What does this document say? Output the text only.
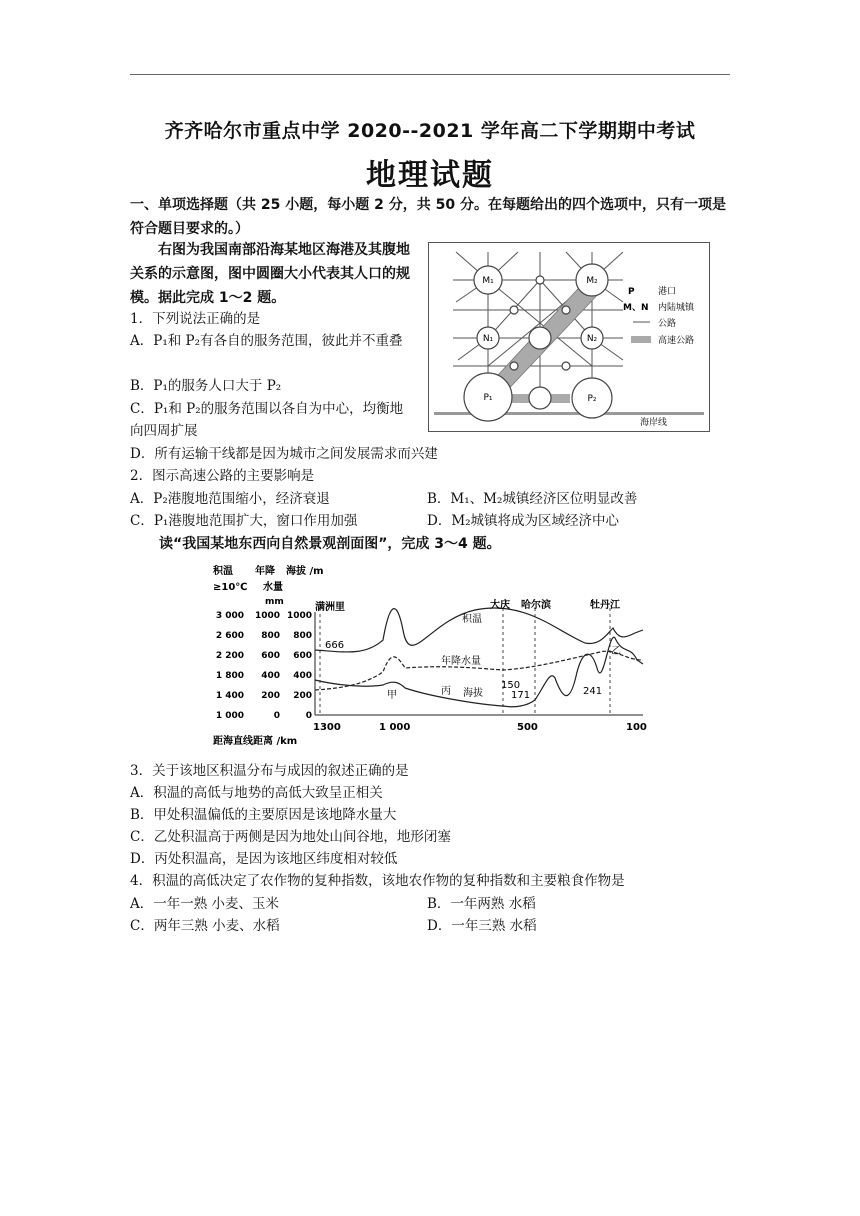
齐齐哈尔市重点中学 2020--2021 学年高二下学期期中考试
地理试题
一、单项选择题（共 25 小题，每小题 2 分，共 50 分。在每题给出的四个选项中，只有一项是符合题目要求的。）
右图为我国南部沿海某地区海港及其腹地关系的示意图，图中圆圈大小代表其人口的规模。据此完成 1～2 题。
1．下列说法正确的是
A．P₁和 P₂有各自的服务范围，彼此并不重叠
B．P₁的服务人口大于 P₂
C．P₁和 P₂的服务范围以各自为中心，均衡地向四周扩展
D．所有运输干线都是因为城市之间发展需求而兴建
2．图示高速公路的主要影响是
A．P₂港腹地范围缩小，经济衰退	B．M₁、M₂城镇经济区位明显改善
C．P₁港腹地范围扩大，窗口作用加强	D．M₂城镇将成为区域经济中心
读“我国某地东西向自然景观剖面图”，完成 3～4 题。
海岸线
M₁	M₂
N₁	N₂
P₁	P₂
P	港口
M、N 内陆城镇
公路
高速公路
积温
≥10℃
年降
水量
mm
海拔 /m
3 000
2 600
2 200
1 800
1 400
1 000
1000
800
600
400
200
0
1000
800
600
400
200
0
满洲里	大庆 哈尔滨	牡丹江
666
积温
年降水量
海拔
丙
甲
乙
150
171	241
1300	1 000	500	100
距海直线距离 /km
3．关于该地区积温分布与成因的叙述正确的是
A．积温的高低与地势的高低大致呈正相关
B．甲处积温偏低的主要原因是该地降水量大
C．乙处积温高于两侧是因为地处山间谷地，地形闭塞
D．丙处积温高，是因为该地区纬度相对较低
4．积温的高低决定了农作物的复种指数，该地农作物的复种指数和主要粮食作物是
A．一年一熟 小麦、玉米	B．一年两熟 水稻
C．两年三熟 小麦、水稻	D．一年三熟 水稻
